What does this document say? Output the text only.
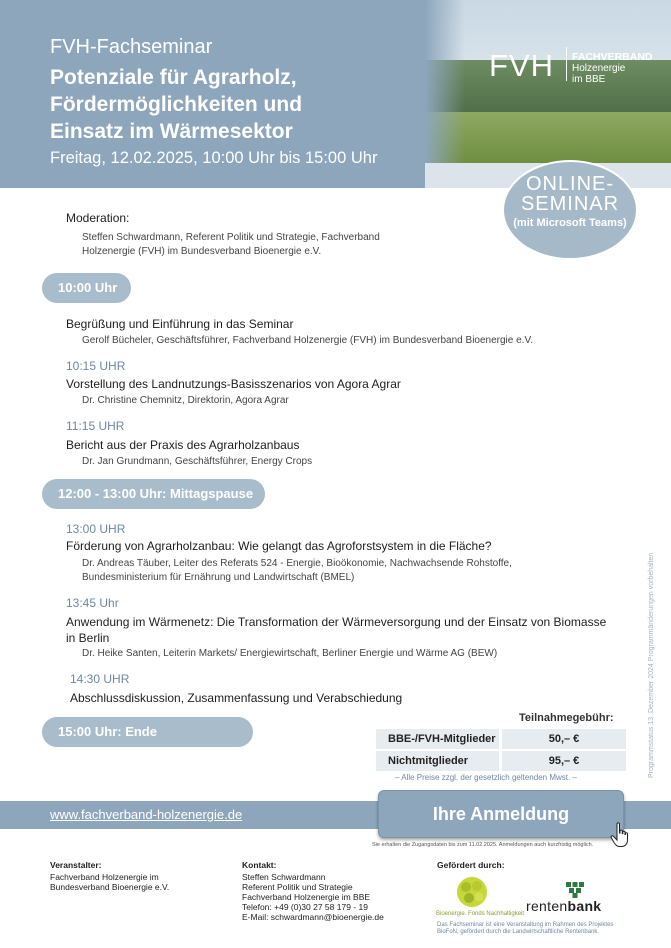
FVH FACHVERBAND
Holzenergie
im BBE
FVH-Fachseminar
Potenziale für Agrarholz,
Fördermöglichkeiten und
Einsatz im Wärmesektor
Freitag, 12.02.2025, 10:00 Uhr bis 15:00 Uhr
ONLINE-
SEMINAR
(mit Microsoft Teams)
Moderation:
Steffen Schwardmann, Referent Politik und Strategie, Fachverband
Holzenergie (FVH) im Bundesverband Bioenergie e.V.
10:00 Uhr
Begrüßung und Einführung in das Seminar
Gerolf Bücheler, Geschäftsführer, Fachverband Holzenergie (FVH) im Bundesverband Bioenergie e.V.
10:15 UHR
Vorstellung des Landnutzungs-Basisszenarios von Agora Agrar
Dr. Christine Chemnitz, Direktorin, Agora Agrar
11:15 UHR
Bericht aus der Praxis des Agrarholzanbaus
Dr. Jan Grundmann, Geschäftsführer, Energy Crops
12:00 - 13:00 Uhr: Mittagspause
13:00 UHR
Förderung von Agrarholzanbau: Wie gelangt das Agroforstsystem in die Fläche?
Dr. Andreas Täuber, Leiter des Referats 524 - Energie, Bioökonomie, Nachwachsende Rohstoffe,
Bundesministerium für Ernährung und Landwirtschaft (BMEL)
13:45 Uhr
Anwendung im Wärmenetz: Die Transformation der Wärmeversorgung und der Einsatz von Biomasse
in Berlin
Dr. Heike Santen, Leiterin Markets/ Energiewirtschaft, Berliner Energie und Wärme AG (BEW)
14:30 UHR
Abschlussdiskussion, Zusammenfassung und Verabschiedung
15:00 Uhr: Ende	Programmstatus 13. Dezember 2024 Programmänderungen vorbehalten
Teilnahmegebühr:
BBE-/FVH-Mitglieder	50,– €
Nichtmitglieder	95,– €
– Alle Preise zzgl. der gesetzlich geltenden Mwst. –
www.fachverband-holzenergie.de	Ihre Anmeldung
Sie erhalten die Zugangsdaten bis zum 11.02.2025. Anmeldungen auch kurzfristig möglich.
Veranstalter:
Fachverband Holzenergie im
Bundesverband Bioenergie e.V.
Kontakt:
Steffen Schwardmann
Referent Politik und Strategie
Fachverband Holzenergie im BBE
Telefon: +49 (0)30 27 58 179 - 19
E-Mail: schwardmann@bioenergie.de
Gefördert durch:
Bioenergie. Fonds Nachhaltigkeit rentenbank
Das Fachseminar ist eine Veranstaltung im Rahmen des Projektes
BioFoN, gefördert durch die Landwirtschaftliche Rentenbank.
